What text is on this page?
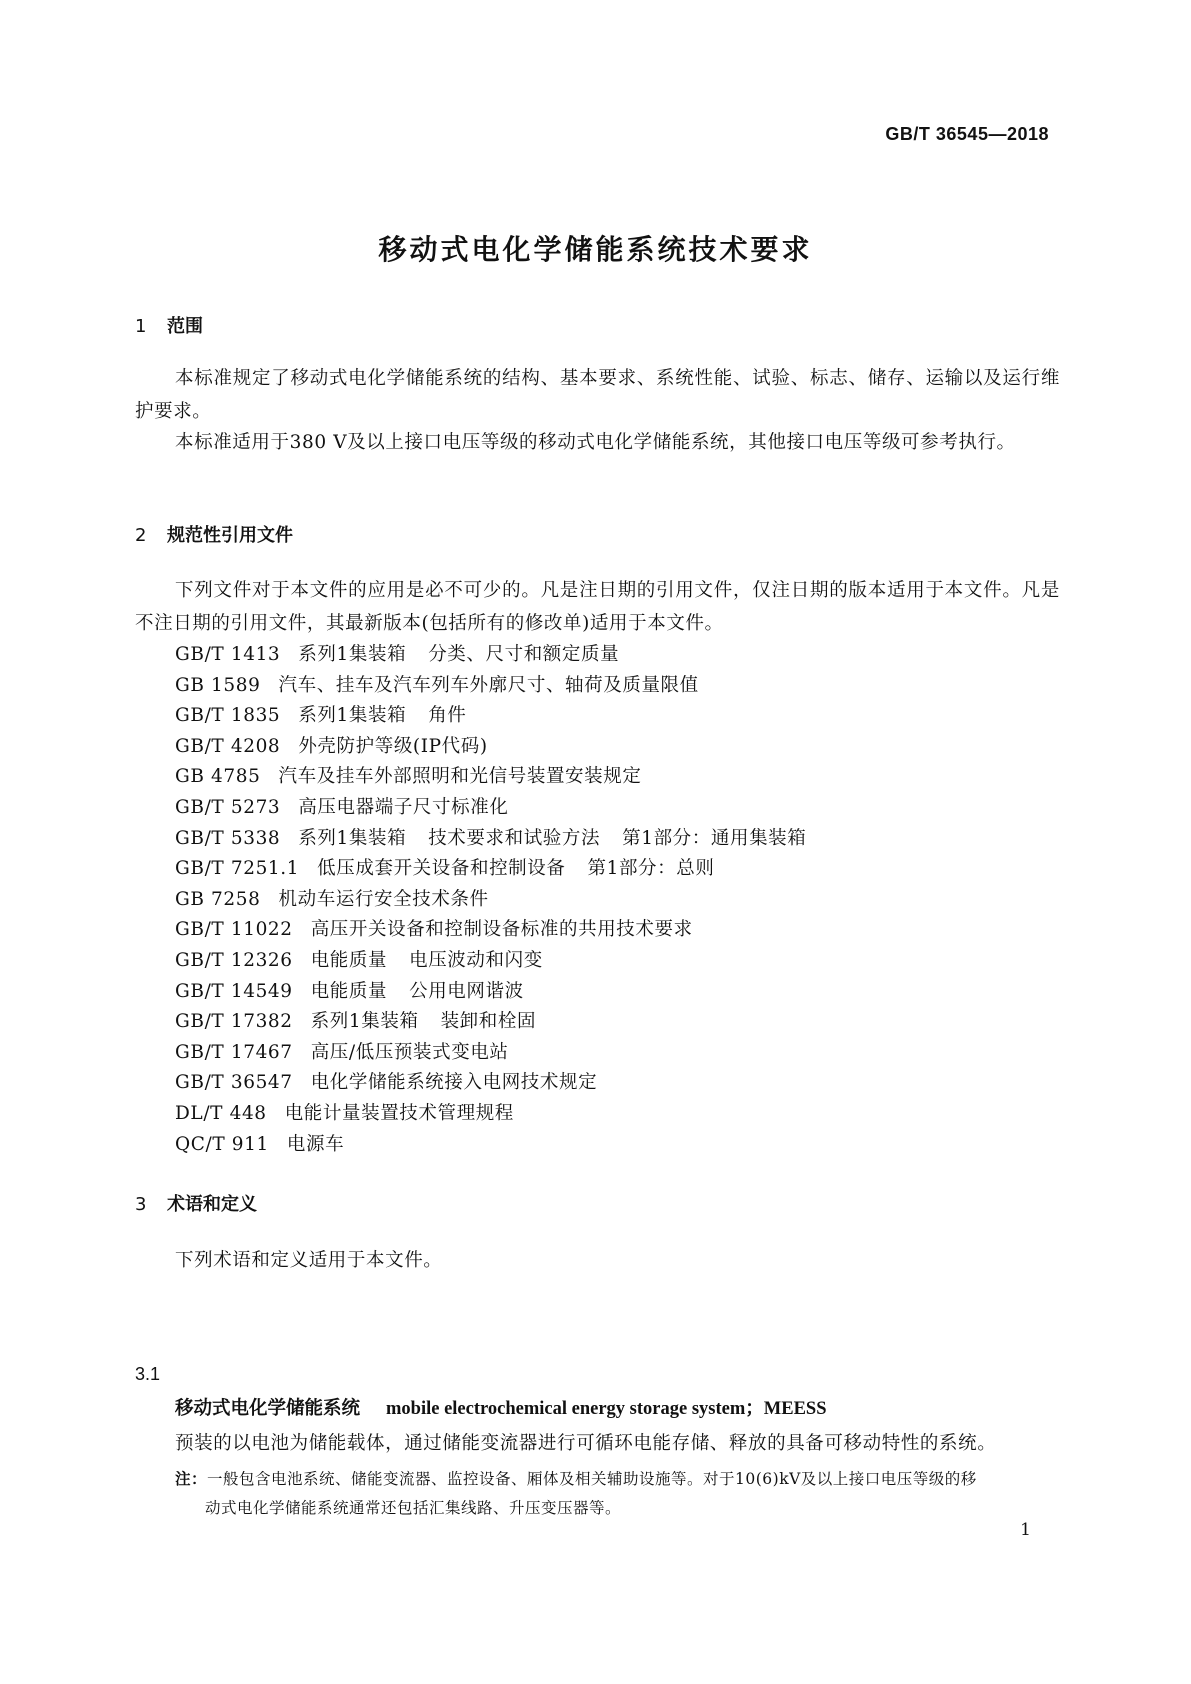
GB/T 36545—2018
移动式电化学储能系统技术要求
1 范围

本标准规定了移动式电化学储能系统的结构、基本要求、系统性能、试验、标志、储存、运输以及运行维护要求。

本标准适用于380 V及以上接口电压等级的移动式电化学储能系统，其他接口电压等级可参考执行。

2 规范性引用文件

下列文件对于本文件的应用是必不可少的。凡是注日期的引用文件，仅注日期的版本适用于本文件。凡是不注日期的引用文件，其最新版本(包括所有的修改单)适用于本文件。

GB/T 1413 系列1集装箱 分类、尺寸和额定质量
GB 1589 汽车、挂车及汽车列车外廓尺寸、轴荷及质量限值
GB/T 1835 系列1集装箱 角件
GB/T 4208 外壳防护等级(IP代码)
GB 4785 汽车及挂车外部照明和光信号装置安装规定
GB/T 5273 高压电器端子尺寸标准化
GB/T 5338 系列1集装箱 技术要求和试验方法 第1部分：通用集装箱
GB/T 7251.1 低压成套开关设备和控制设备 第1部分：总则
GB 7258 机动车运行安全技术条件
GB/T 11022 高压开关设备和控制设备标准的共用技术要求
GB/T 12326 电能质量 电压波动和闪变
GB/T 14549 电能质量 公用电网谐波
GB/T 17382 系列1集装箱 装卸和栓固
GB/T 17467 高压/低压预装式变电站
GB/T 36547 电化学储能系统接入电网技术规定
DL/T 448 电能计量装置技术管理规程
QC/T 911 电源车
3 术语和定义

下列术语和定义适用于本文件。

3.1
移动式电化学储能系统 mobile electrochemical energy storage system；MEESS
预装的以电池为储能载体，通过储能变流器进行可循环电能存储、释放的具备可移动特性的系统。
注：一般包含电池系统、储能变流器、监控设备、厢体及相关辅助设施等。对于10(6)kV及以上接口电压等级的移
动式电化学储能系统通常还包括汇集线路、升压变压器等。
1
